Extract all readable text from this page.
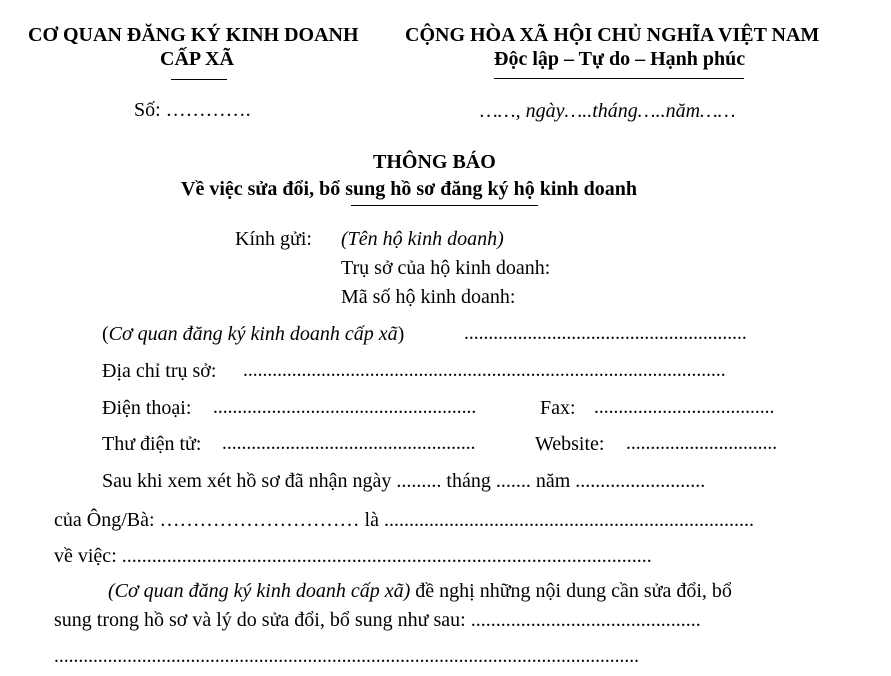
CƠ QUAN ĐĂNG KÝ KINH DOANH
CẤP XÃ
Số: ………….
CỘNG HÒA XÃ HỘI CHỦ NGHĨA VIỆT NAM
Độc lập – Tự do – Hạnh phúc
……, ngày…..tháng…..năm……
THÔNG BÁO
Về việc sửa đổi, bổ sung hồ sơ đăng ký hộ kinh doanh
Kính gửi: (Tên hộ kinh doanh)
Trụ sở của hộ kinh doanh:
Mã số hộ kinh doanh:
(Cơ quan đăng ký kinh doanh cấp xã)	..........................................................
Địa chỉ trụ sở: ...................................................................................................
Điện thoại: ......................................................	Fax: .....................................
Thư điện tử: ....................................................	Website: ...............................
Sau khi xem xét hồ sơ đã nhận ngày ......... tháng ....... năm ..........................
của Ông/Bà: ………………………… là ..........................................................................
về việc: ..........................................................................................................
(Cơ quan đăng ký kinh doanh cấp xã) đề nghị những nội dung cần sửa đổi, bổ
sung trong hồ sơ và lý do sửa đổi, bổ sung như sau: ..............................................
........................................................................................................................
